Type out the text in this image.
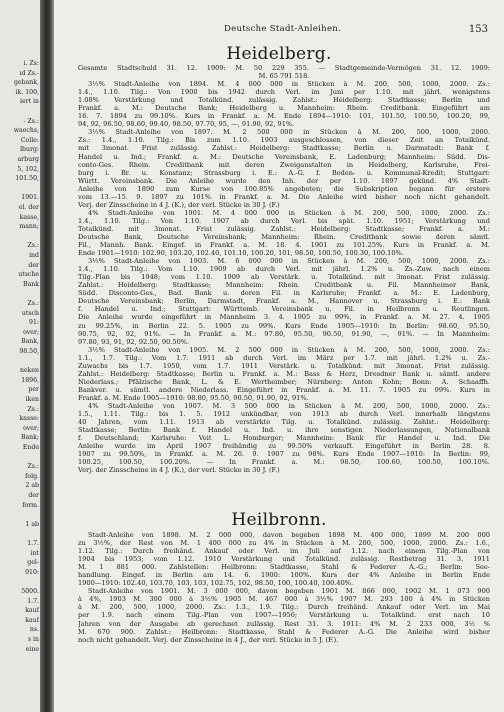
i. Zs:
ıd Zs.-
gebank,
ik. 100,
iert in
- Zs.:
waechs,
Colle:
lburg:
arburg
5, 102,
101.50,
1901.
el. der
kasse,
mann;
Zs.:
ind
der
utsche
Bank
Zs.:
utsch
91:
over;
Bank,
98.50,
neken
1896,
per
iken
Zs.:
kasse:
over;
Bank;
Ende
Zs.:
folg.
2 ab
der
form.
1 ab
1.7.
int
gel-
910:
5000.
1.7.
kauf
kauf
ns.
s in
eine
Deutsche Stadt-Anleihen.	153
Heidelberg.
Gesamte Stadtschuld 31. 12. 1909: M. 50 229 355. — Stadtgemeinde-Vermögen 31. 12. 1909:
M. 65 791 518.
3½% Stadt-Anleihe von 1894. M. 4 000 000 in Stücken à M. 200, 500, 1000, 2000. Zs.:
1.4., 1.10. Tilg.: Von 1900 bis 1942 durch Verl. im Juni per 1.10. mit jährl. wenigstens
1.08% Verstärkung und Totalkünd. zulässig. Zahlst.: Heidelberg: Stadtkasse; Berlin und
Frankf. a. M.: Deutsche Bank; Heidelberg u. Mannheim: Rhein. Creditbank. Eingeführt am
16. 7. 1894 zu 99.10%. Kurs in Frankf. a. M. Ende 1894—1910: 101, 101.50, 100.50, 100.20, 99,
94, 92, 96.50, 98.60, 99.40, 98.50, 97.70, 95, —, 91.90, 92, 91%.
3½% Stadt-Anleihe von 1897. M. 2 500 000 in Stücken à M. 200, 500, 1000, 2000.
Zs.: 1.4., 1.10. Tilg.: Bis zum 1.10. 1903 ausgeschlossen, von dieser Zeit an Totalkünd.
mit 3monat. Frist zulässig. Zahlst.: Heidelberg: Stadtkasse; Berlin u. Darmstadt: Bank f.
Handel u. Ind.; Frankf. a. M.: Deutsche Vereinsbank, E. Ladenburg; Mannheim: Südd. Dis-
conto-Ges. Rhein. Creditbank mit deren Zweiganstalten in Heidelberg, Karlsruhe, Frei-
burg i. Br. u. Konstanz; Strassburg i. E.: A.-G. f. Boden- u. Kommunal-Kredit; Stuttgart:
Württ. Vereinsbank. Die Anleihe wurde den Inh. der per 1.10. 1897 gekünd. 4% Stadt-
Anleihe von 1890 zum Kurse von 100.85% angeboten; die Subskription begann für erstere
vom 13.—15. 9. 1897 zu 101% in Frankf. a. M. Die Anleihe wird bisher noch nicht gehandelt.
Verj. der Zinsscheine in 4 J. (K.), der verl. Stücke in 30 J. (F.)
4% Stadt-Anleihe von 1901. M. 4 000 000 in Stücken à M. 200, 500, 1000, 2000. Zs.:
1.4., 1.10. Tilg.: Von 1.10. 1907 ab durch Verl. bis spät. 1.10. 1951; Verstärkung und
Totalkünd. mit 3monat. Frist zulässig. Zahlst.: Heidelberg: Stadtkasse; Frankf. a. M.:
Deutsche Bank, Deutsche Vereinsbank; Mannheim: Rhein. Creditbank sowie deren sämtl.
Fil., Mannh. Bank. Eingef. in Frankf. a. M. 18. 4. 1901 zu 101.25%. Kurs in Frankf. a. M.
Ende 1901—1910: 102.90, 103.20, 102.40, 101.10, 100.20, 101, 98.50, 100.50, 100.30, 100.10%.
3½% Stadt-Anleihe von 1903. M. 6 000 000 in Stücken à M. 200, 500, 1000, 2000. Zs.:
1.4., 1.10. Tilg.: Vom 1.10. 1909 ab durch Verl. mit jährl. 1.2% u. Zs.-Zuw. nach einem
Tilg.-Plan bis 1948; vom 1.10. 1909 ab Verstärk. u. Totalkünd. mit 3monat. Frist zulässig.
Zahlst.: Heidelberg: Stadtkasse; Mannheim: Rhein. Creditbank u. Fil. Mannheimer Bank,
Südd. Disconto-Ges., Bad. Bank u. deren Fil. in Karlsruhe; Frankf. a. M.: E. Ladenburg,
Deutsche Vereinsbank; Berlin, Darmstadt, Frankf. a. M., Hannover u. Strassburg i. E.: Bank
f. Handel u. Ind.; Stuttgart: Württemb. Vereinsbank u. Fil. in Heilbronn u. Reutlingen.
Die Anleihe wurde eingeführt in Mannheim 3. 4. 1905 zu 99%, in Frankf. a. M. 27. 4. 1905
zu 99.25%, in Berlin 22. 5. 1905 zu 99%. Kurs Ende 1905—1910: In Berlin: 98.60, 95.50,
90.75, 92, 92, 91%. — In Frankf. a. M.: 97.80, 95.50, 90.50, 91.90, —, 91%. — In Mannheim:
97.80, 93, 91, 92, 92.50, 90.50%.
3½% Stadt-Anleihe von 1905. M. 2 500 000 in Stücken à M. 200, 500, 1000, 2000. Zs.:
1.1., 1.7. Tilg.: Vom 1.7. 1911 ab durch Verl. im März per 1.7. mit jährl. 1.2% u. Zs.-
Zuwachs bis 1.7. 1950, vom 1.7. 1911 Verstärk. u. Totalkünd. mit 3monat. Frist zulässig.
Zahlst.: Heidelberg: Stadtkasse; Berlin u. Frankf. a. M.: Bass & Herz, Dresdner Bank u. sämtl. andere
Niederlass.; Pfälzische Bank, L. & E. Wertheimber; Nürnberg: Anton Kohn; Bonn: A. Schaaffh.
Bankver. u. sämtl. andere Niederlass. Eingeführt in Frankf. a. M. 11. 7. 1905 zu 99%. Kurs in
Frankf. a. M. Ende 1905—1910: 98.80, 95.50, 90.50, 91.90, 92, 91%.
4% Stadt-Anleihe von 1907. M. 3 500 000 in Stücken à M. 200, 500, 1000, 2000. Zs.:
1.5., 1.11. Tilg.: bis 1. 5. 1912 unkündbar, von 1913 ab durch Verl. innerhalb längstens
40 Jahren, vom 1.11. 1913 ab verstärkte Tilg. u. Totalkünd. zulässig. Zahlst.: Heidelberg:
Stadtkasse; Berlin: Bank f. Handel u. Ind. u. ihre sonstigen Niederlassungen, Nationalbank
f. Deutschland; Karlsruhe: Veit L. Homburger; Mannheim: Bank für Handel u. Ind. Die
Anleihe wurde im April 1907 freihändig zu 99.50% verkauft. Eingeführt in Berlin 28. 8.
1907 zu 99.50%, in Frankf. a. M. 26. 9. 1907 zu 98%. Kurs Ende 1907—1910: In Berlin: 99,
100.25, 100.50, 100.20%. — In Frankf. a. M.: 98.50, 100.60, 100.50, 100.10%.
Verj. der Zinsscheine in 4 J. (K.), der verl. Stücke in 30 J. (F.)
Heilbronn.
Stadt-Anleihe von 1898. M. 2 000 000, davon begeben 1898 M. 400 000, 1899 M. 200 000
zu 3½%, der Rest von M. 1 400 000 zu 4% in Stücken à M. 200, 500, 1000, 2000. Zs.: 1.6.,
1.12. Tilg.: Durch freihänd. Ankauf oder Verl. im Juli auf 1.12. nach einem Tilg.-Plan von
1904 bis 1953; vom 1.12. 1910 Verstärkung und Totalkünd. zulässig. Restbetrag 31. 3. 1911
M. 1 881 000. Zahlstellen: Heilbronn: Stadtkasse, Stahl & Federer A.-G.; Berlin: See-
handlung. Eingef. in Berlin am 14. 6. 1900: 100%. Kurs der 4% Anleihe in Berlin Ende
1900—1910: 102.40, 103.70, 103, 103, 102.75, 102, 98.50, 100, 100.40, 100.40%.
Stadt-Anleihe von 1901. M. 3 000 000, davon begeben 1901 M. 866 000, 1902 M. 1 073 900
à 4%, 1903 M. 300 000 à 3½% 1905 M. 467 000 à 3½% 1907 M. 293 100 à 4% in Stücken
à M. 200, 500, 1000, 2000. Zs.: 1.3., 1.9. Tilg.: Durch freihänd. Ankauf oder Verl. im Mai
per 1.9. nach einem Tilg.-Plan von 1907—1956; Verstärkung u. Totalkünd. erst nach 10
Jahren von der Ausgabe ab gerechnet zulässig. Rest 31. 3. 1911: 4% M. 2 233 000, 3½ %
M. 670 900. Zahlst.: Heilbronn: Stadtkasse, Stahl & Federer A.-G. Die Anleihe wird bisher
noch nicht gehandelt. Verj. der Zinsscheine in 4 J., der verl. Stücke in 5 J. (F.).
